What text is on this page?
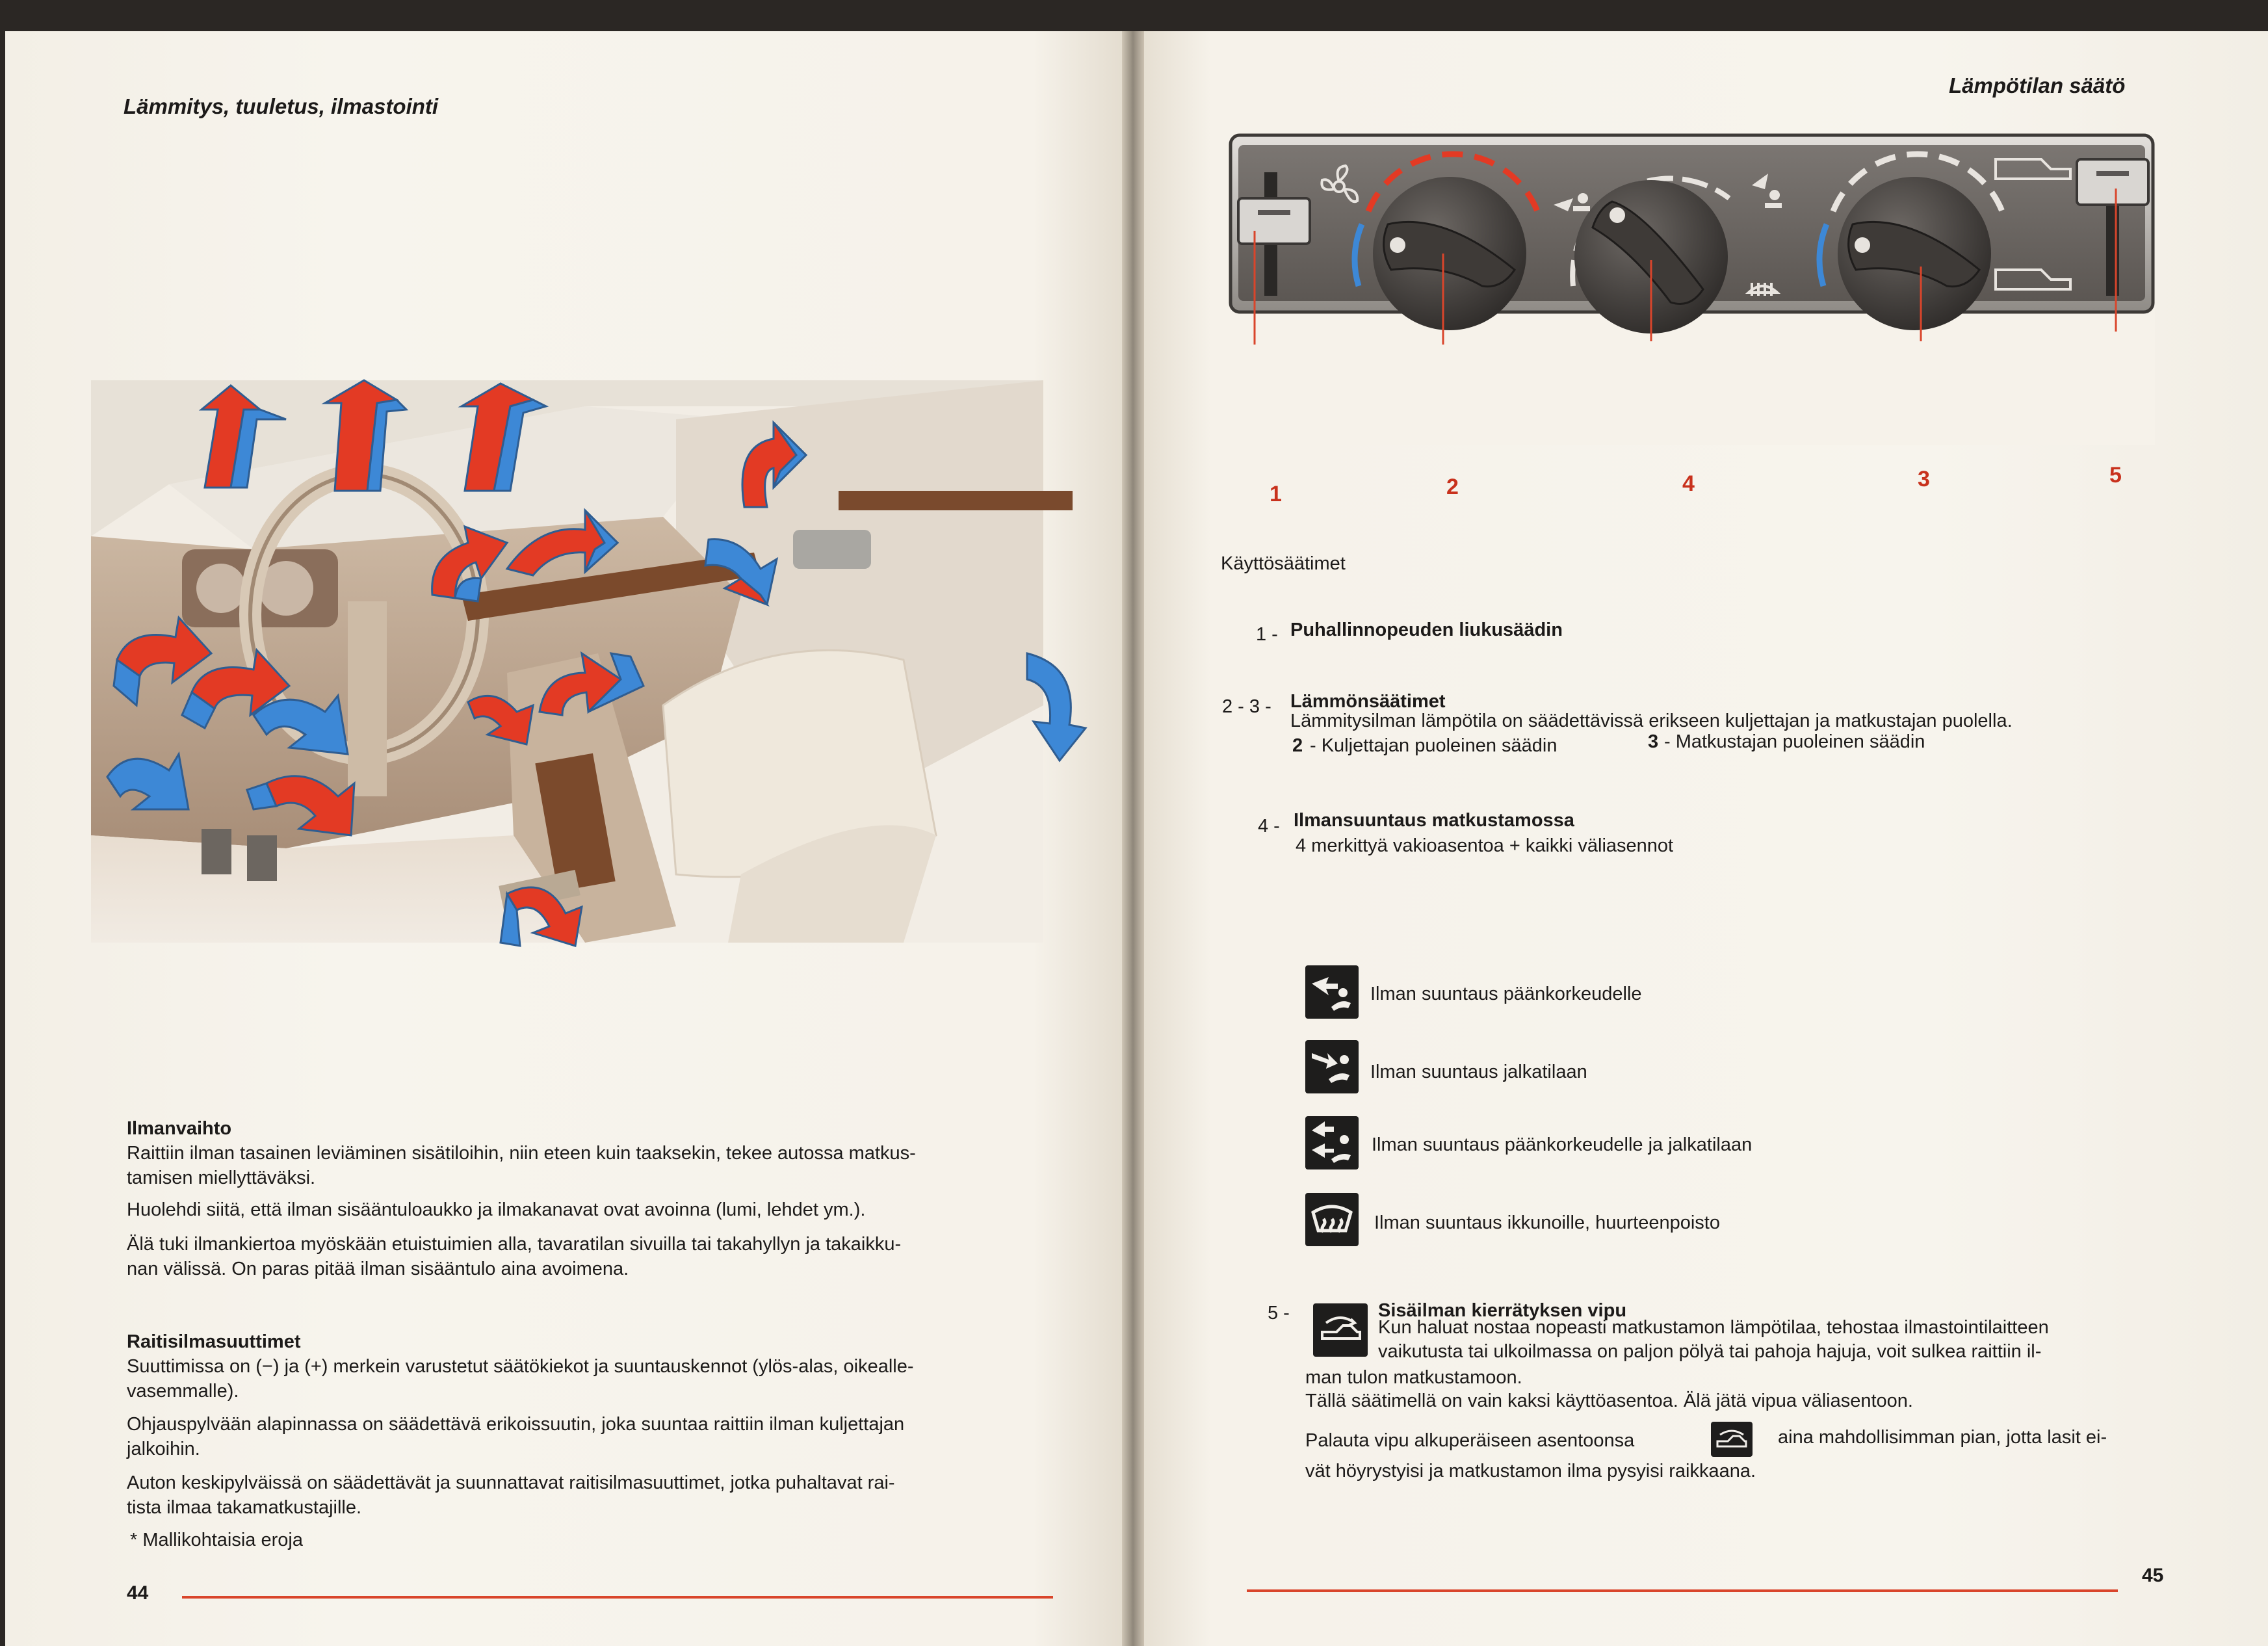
Lämmitys, tuuletus, ilmastointi
Ilmanvaihto
Raittiin ilman tasainen leviäminen sisätiloihin, niin eteen kuin taaksekin, tekee autossa matkus-
tamisen miellyttäväksi.
Huolehdi siitä, että ilman sisääntuloaukko ja ilmakanavat ovat avoinna (lumi, lehdet ym.).
Älä tuki ilmankiertoa myöskään etuistuimien alla, tavaratilan sivuilla tai takahyllyn ja takaikku-
nan välissä. On paras pitää ilman sisääntulo aina avoimena.
Raitisilmasuuttimet
Suuttimissa on (−) ja (+) merkein varustetut säätökiekot ja suuntauskennot (ylös-alas, oikealle-
vasemmalle).
Ohjauspylvään alapinnassa on säädettävä erikoissuutin, joka suuntaa raittiin ilman kuljettajan
jalkoihin.
Auton keskipylväissä on säädettävät ja suunnattavat raitisilmasuuttimet, jotka puhaltavat rai-
tista ilmaa takamatkustajille.
* Mallikohtaisia eroja
44
Lämpötilan säätö
1	2	4	3	5
Käyttösäätimet
1 - Puhallinnopeuden liukusäädin
2 - 3 - Lämmönsäätimet
Lämmitysilman lämpötila on säädettävissä erikseen kuljettajan ja matkustajan puolella.
2 - Kuljettajan puoleinen säädin	3 - Matkustajan puoleinen säädin
4 - Ilmansuuntaus matkustamossa
4 merkittyä vakioasentoa + kaikki väliasennot
Ilman suuntaus päänkorkeudelle
Ilman suuntaus jalkatilaan
Ilman suuntaus päänkorkeudelle ja jalkatilaan
Ilman suuntaus ikkunoille, huurteenpoisto
5 -	Sisäilman kierrätyksen vipu
Kun haluat nostaa nopeasti matkustamon lämpötilaa, tehostaa ilmastointilaitteen
vaikutusta tai ulkoilmassa on paljon pölyä tai pahoja hajuja, voit sulkea raittiin il-
man tulon matkustamoon.
Tällä säätimellä on vain kaksi käyttöasentoa. Älä jätä vipua väliasentoon.
Palauta vipu alkuperäiseen asentoonsa	aina mahdollisimman pian, jotta lasit ei-
vät höyrystyisi ja matkustamon ilma pysyisi raikkaana.
45
